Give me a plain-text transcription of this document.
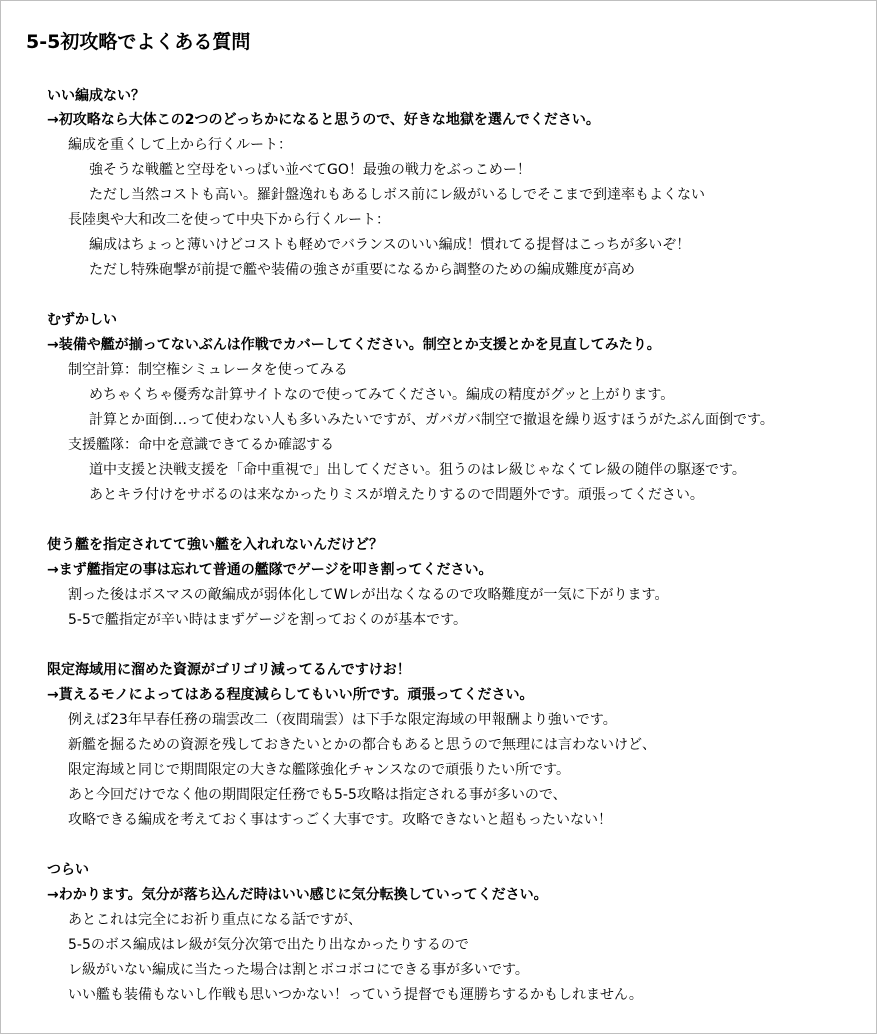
5-5初攻略でよくある質問

いい編成ない？

→初攻略なら大体この2つのどっちかになると思うので、好きな地獄を選んでください。

編成を重くして上から行くルート：

強そうな戦艦と空母をいっぱい並べてGO！最強の戦力をぶっこめー！

ただし当然コストも高い。羅針盤逸れもあるしボス前にレ級がいるしでそこまで到達率もよくない

長陸奥や大和改二を使って中央下から行くルート：

編成はちょっと薄いけどコストも軽めでバランスのいい編成！慣れてる提督はこっちが多いぞ！

ただし特殊砲撃が前提で艦や装備の強さが重要になるから調整のための編成難度が高め

むずかしい

→装備や艦が揃ってないぶんは作戦でカバーしてください。制空とか支援とかを見直してみたり。

制空計算：制空権シミュレータを使ってみる

めちゃくちゃ優秀な計算サイトなので使ってみてください。編成の精度がグッと上がります。

計算とか面倒…って使わない人も多いみたいですが、ガバガバ制空で撤退を繰り返すほうがたぶん面倒です。

支援艦隊：命中を意識できてるか確認する

道中支援と決戦支援を「命中重視で」出してください。狙うのはレ級じゃなくてレ級の随伴の駆逐です。

あとキラ付けをサボるのは来なかったりミスが増えたりするので問題外です。頑張ってください。

使う艦を指定されてて強い艦を入れれないんだけど？

→まず艦指定の事は忘れて普通の艦隊でゲージを叩き割ってください。

割った後はボスマスの敵編成が弱体化してWレが出なくなるので攻略難度が一気に下がります。

5-5で艦指定が辛い時はまずゲージを割っておくのが基本です。

限定海域用に溜めた資源がゴリゴリ減ってるんですけお！

→貰えるモノによってはある程度減らしてもいい所です。頑張ってください。

例えば23年早春任務の瑞雲改二（夜間瑞雲）は下手な限定海域の甲報酬より強いです。

新艦を掘るための資源を残しておきたいとかの都合もあると思うので無理には言わないけど、

限定海域と同じで期間限定の大きな艦隊強化チャンスなので頑張りたい所です。

あと今回だけでなく他の期間限定任務でも5-5攻略は指定される事が多いので、

攻略できる編成を考えておく事はすっごく大事です。攻略できないと超もったいない！

つらい

→わかります。気分が落ち込んだ時はいい感じに気分転換していってください。

あとこれは完全にお祈り重点になる話ですが、

5-5のボス編成はレ級が気分次第で出たり出なかったりするので

レ級がいない編成に当たった場合は割とボコボコにできる事が多いです。

いい艦も装備もないし作戦も思いつかない！っていう提督でも運勝ちするかもしれません。
